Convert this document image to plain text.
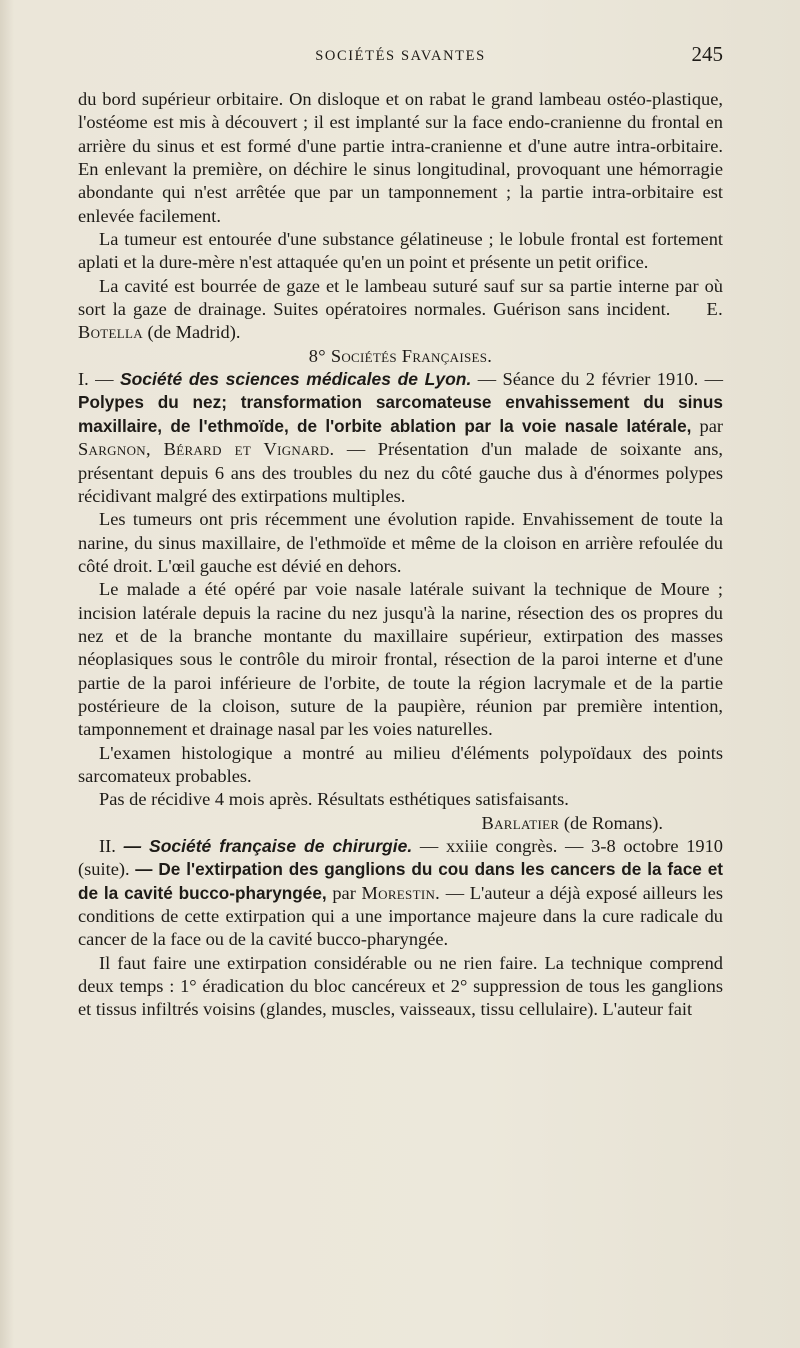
SOCIÉTÉS SAVANTES	245

du bord supérieur orbitaire. On disloque et on rabat le grand lambeau ostéo-plastique, l'ostéome est mis à découvert ; il est implanté sur la face endo-cranienne du frontal en arrière du sinus et est formé d'une partie intra-cranienne et d'une autre intra-orbitaire. En enlevant la première, on déchire le sinus longitudinal, provoquant une hémorragie abondante qui n'est arrêtée que par un tamponnement ; la partie intra-orbitaire est enlevée facilement.

La tumeur est entourée d'une substance gélatineuse ; le lobule frontal est fortement aplati et la dure-mère n'est attaquée qu'en un point et présente un petit orifice.

La cavité est bourrée de gaze et le lambeau suturé sauf sur sa partie interne par où sort la gaze de drainage. Suites opératoires normales. Guérison sans incident. E. Botella (de Madrid).

8° Sociétés Françaises.

I. — Société des sciences médicales de Lyon. — Séance du 2 février 1910. — Polypes du nez; transformation sarcomateuse envahissement du sinus maxillaire, de l'ethmoïde, de l'orbite ablation par la voie nasale latérale, par Sargnon, Bérard et Vignard. — Présentation d'un malade de soixante ans, présentant depuis 6 ans des troubles du nez du côté gauche dus à d'énormes polypes récidivant malgré des extirpations multiples.

Les tumeurs ont pris récemment une évolution rapide. Envahissement de toute la narine, du sinus maxillaire, de l'ethmoïde et même de la cloison en arrière refoulée du côté droit. L'œil gauche est dévié en dehors.

Le malade a été opéré par voie nasale latérale suivant la technique de Moure ; incision latérale depuis la racine du nez jusqu'à la narine, résection des os propres du nez et de la branche montante du maxillaire supérieur, extirpation des masses néoplasiques sous le contrôle du miroir frontal, résection de la paroi interne et d'une partie de la paroi inférieure de l'orbite, de toute la région lacrymale et de la partie postérieure de la cloison, suture de la paupière, réunion par première intention, tamponnement et drainage nasal par les voies naturelles.

L'examen histologique a montré au milieu d'éléments polypoïdaux des points sarcomateux probables.

Pas de récidive 4 mois après. Résultats esthétiques satisfaisants.

Barlatier (de Romans).

II. — Société française de chirurgie. — xxiiie congrès. — 3-8 octobre 1910 (suite). — De l'extirpation des ganglions du cou dans les cancers de la face et de la cavité bucco-pharyngée, par Morestin. — L'auteur a déjà exposé ailleurs les conditions de cette extirpation qui a une importance majeure dans la cure radicale du cancer de la face ou de la cavité bucco-pharyngée.

Il faut faire une extirpation considérable ou ne rien faire. La technique comprend deux temps : 1° éradication du bloc cancéreux et 2° suppression de tous les ganglions et tissus infiltrés voisins (glandes, muscles, vaisseaux, tissu cellulaire). L'auteur fait
